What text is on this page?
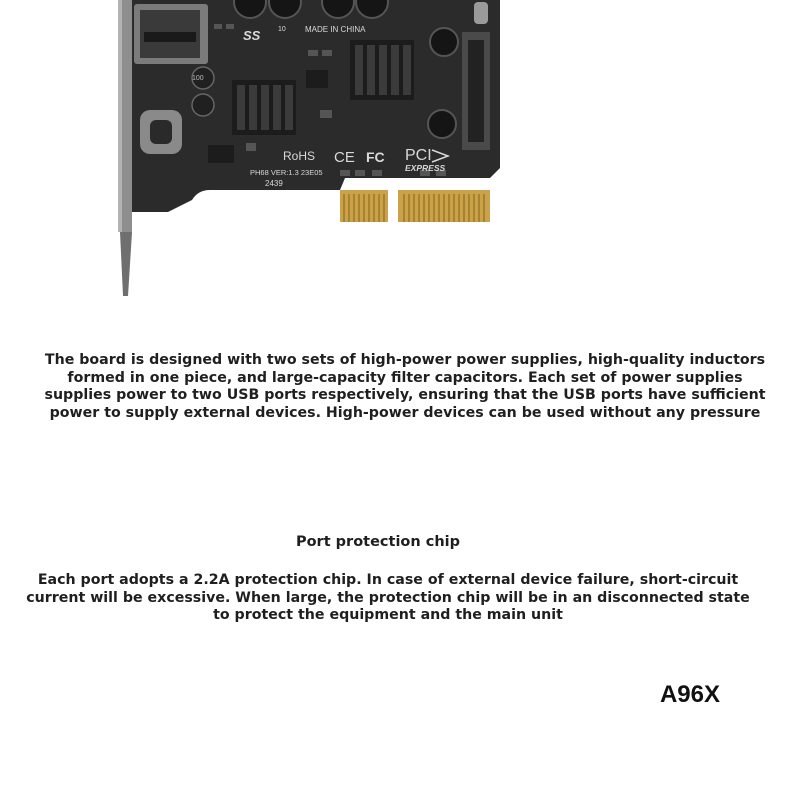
SS	10 MADE IN CHINA
RoHS CE FC PCI
EXPRESS
PH68 VER:1.3 23E05
2439
100

The board is designed with two sets of high-power power supplies, high-quality inductors formed in one piece, and large-capacity filter capacitors. Each set of power supplies supplies power to two USB ports respectively, ensuring that the USB ports have sufficient power to supply external devices. High-power devices can be used without any pressure

Port protection chip

Each port adopts a 2.2A protection chip. In case of external device failure, short-circuit current will be excessive. When large, the protection chip will be in an disconnected state to protect the equipment and the main unit

A96X
